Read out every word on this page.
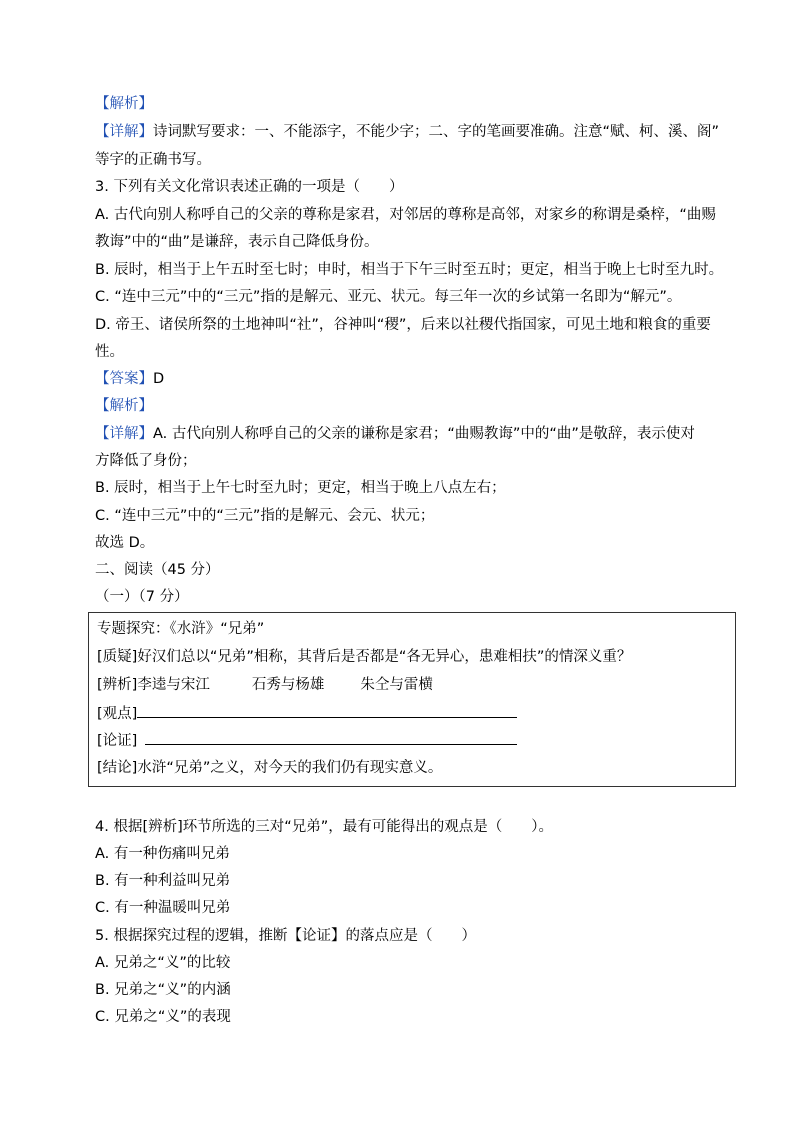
【解析】
【详解】诗词默写要求：一、不能添字，不能少字；二、字的笔画要准确。注意“赋、柯、溪、阁”
等字的正确书写。
3. 下列有关文化常识表述正确的一项是（　　）
A. 古代向别人称呼自己的父亲的尊称是家君，对邻居的尊称是高邻，对家乡的称谓是桑梓，“曲赐
教诲”中的“曲”是谦辞，表示自己降低身份。
B. 辰时，相当于上午五时至七时；申时，相当于下午三时至五时；更定，相当于晚上七时至九时。
C. “连中三元”中的“三元”指的是解元、亚元、状元。每三年一次的乡试第一名即为“解元”。
D. 帝王、诸侯所祭的土地神叫“社”，谷神叫“稷”，后来以社稷代指国家，可见土地和粮食的重要
性。
【答案】D
【解析】
【详解】A. 古代向别人称呼自己的父亲的谦称是家君；“曲赐教诲”中的“曲”是敬辞，表示使对
方降低了身份；
B. 辰时，相当于上午七时至九时；更定，相当于晚上八点左右；
C. “连中三元”中的“三元”指的是解元、会元、状元；
故选 D。
二、阅读（45 分）
（一）（7 分）
专题探究：《水浒》“兄弟”
[质疑]好汉们总以“兄弟”相称，其背后是否都是“各无异心，患难相扶”的情深义重？
[辨析]李逵与宋江	石秀与杨雄 朱仝与雷横
[观点]
[论证]
[结论]水浒“兄弟”之义，对今天的我们仍有现实意义。
4. 根据[辨析]环节所选的三对“兄弟”，最有可能得出的观点是（　　）。
A. 有一种伤痛叫兄弟
B. 有一种利益叫兄弟
C. 有一种温暖叫兄弟
5. 根据探究过程的逻辑，推断【论证】的落点应是（　　）
A. 兄弟之“义”的比较
B. 兄弟之“义”的内涵
C. 兄弟之“义”的表现
